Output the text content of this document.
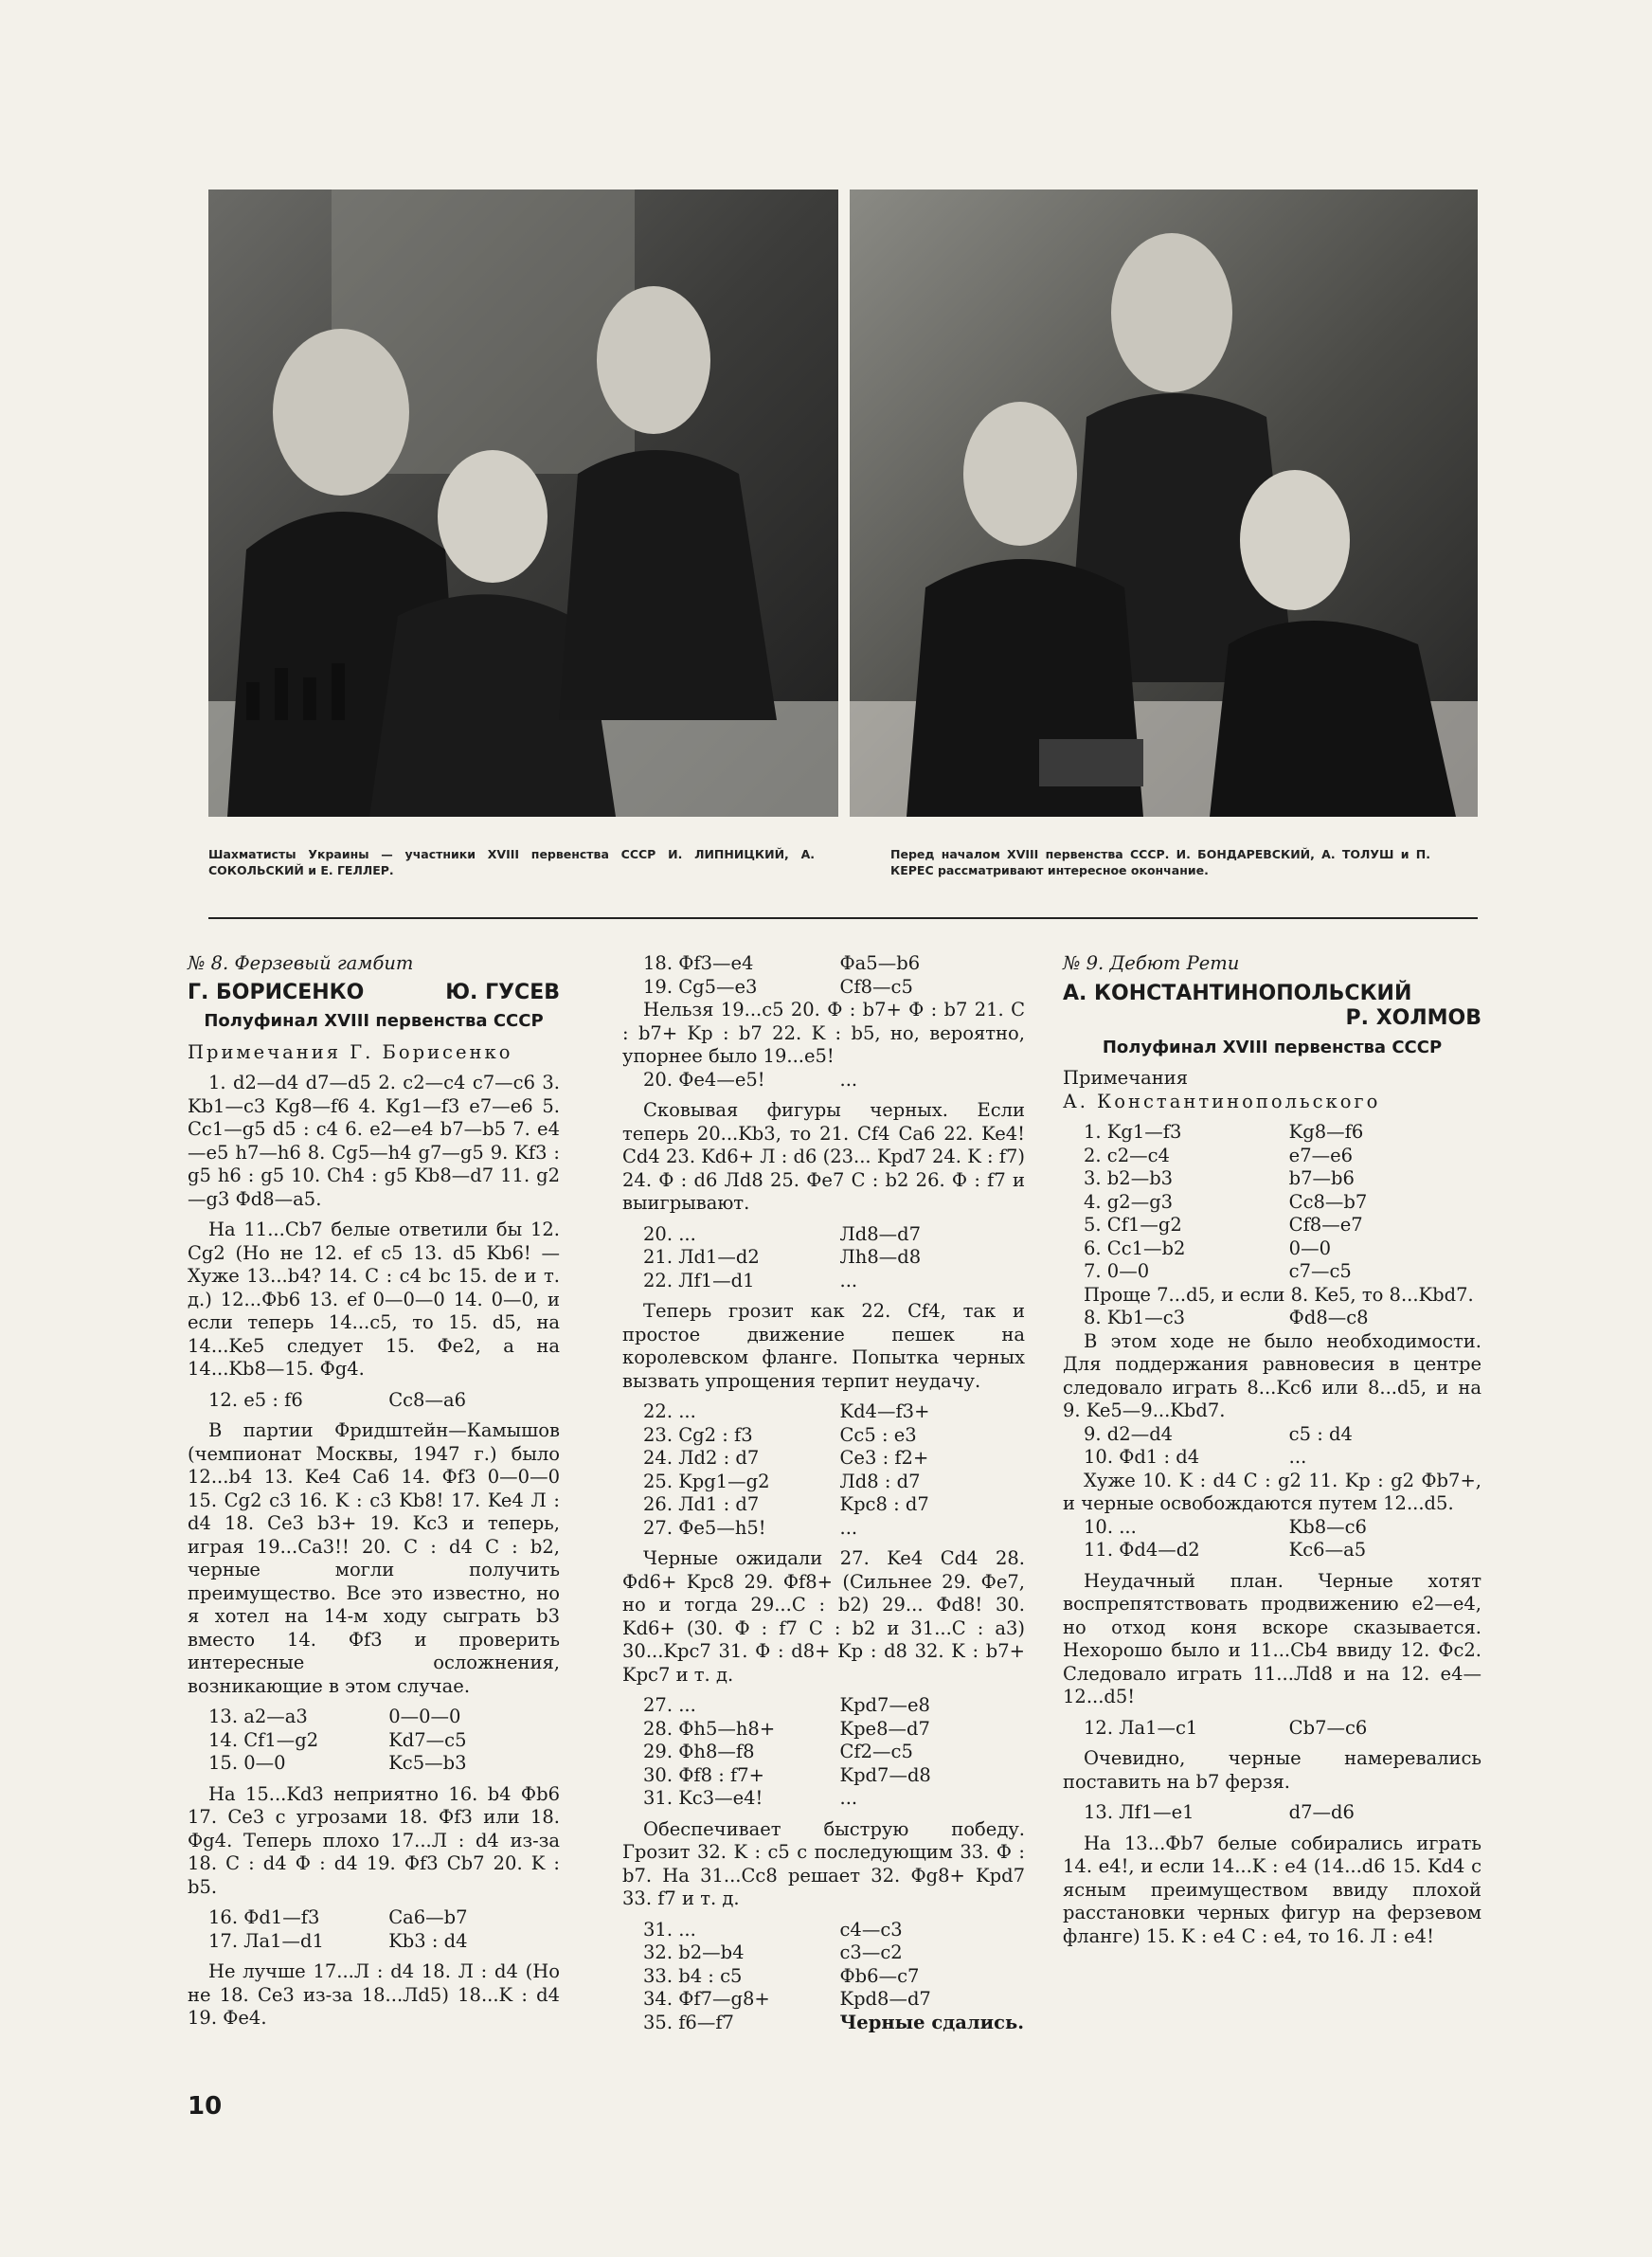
Шахматисты Украины — участники XVIII первенства СССР И. ЛИПНИЦКИЙ, А. СОКОЛЬСКИЙ и Е. ГЕЛЛЕР.
Перед началом XVIII первенства СССР. И. БОНДАРЕВСКИЙ, А. ТОЛУШ и П. КЕРЕС рассматривают интересное окончание.

№ 8. Ферзевый гамбит

Г. БОРИСЕНКО	Ю. ГУСЕВ
Полуфинал XVIII первенства СССР

Примечания Г. Борисенко

1. d2—d4 d7—d5 2. c2—c4 c7—c6 3. Kb1—c3 Kg8—f6 4. Kg1—f3 e7—e6 5. Cc1—g5 d5 : c4 6. e2—e4 b7—b5 7. e4—e5 h7—h6 8. Cg5—h4 g7—g5 9. Kf3 : g5 h6 : g5 10. Ch4 : g5 Kb8—d7 11. g2—g3 Фd8—a5.

На 11...Cb7 белые ответили бы 12. Cg2 (Но не 12. ef c5 13. d5 Kb6! — Хуже 13...b4? 14. C : c4 bc 15. de и т. д.) 12...Фb6 13. ef 0—0—0 14. 0—0, и если теперь 14...c5, то 15. d5, на 14...Ke5 следует 15. Фe2, а на 14...Kb8—15. Фg4.

12. e5 : f6	Cc8—a6

В партии Фридштейн—Камышов (чемпионат Москвы, 1947 г.) было 12...b4 13. Ke4 Ca6 14. Фf3 0—0—0 15. Cg2 c3 16. K : c3 Kb8! 17. Ke4 Л : d4 18. Ce3 b3+ 19. Kc3 и теперь, играя 19...Ca3!! 20. C : d4 C : b2, черные могли получить преимущество. Все это известно, но я хотел на 14-м ходу сыграть b3 вместо 14. Фf3 и проверить интересные осложнения, возникающие в этом случае.

13. a2—a3	0—0—0
14. Cf1—g2	Kd7—c5
15. 0—0	Kc5—b3

На 15...Kd3 неприятно 16. b4 Фb6 17. Ce3 с угрозами 18. Фf3 или 18. Фg4. Теперь плохо 17...Л : d4 из-за 18. C : d4 Ф : d4 19. Фf3 Cb7 20. K : b5.

16. Фd1—f3	Ca6—b7
17. Лa1—d1	Kb3 : d4

Не лучше 17...Л : d4 18. Л : d4 (Но не 18. Ce3 из-за 18...Лd5) 18...K : d4 19. Фe4.

18. Фf3—e4	Фa5—b6
19. Cg5—e3	Cf8—c5

Нельзя 19...c5 20. Ф : b7+ Ф : b7 21. C : b7+ Kp : b7 22. K : b5, но, вероятно, упорнее было 19...e5!

20. Фe4—e5!	...

Сковывая фигуры черных. Если теперь 20...Kb3, то 21. Cf4 Ca6 22. Ke4! Cd4 23. Kd6+ Л : d6 (23... Kpd7 24. K : f7) 24. Ф : d6 Лd8 25. Фe7 C : b2 26. Ф : f7 и выигрывают.

20. ...	Лd8—d7
21. Лd1—d2	Лh8—d8
22. Лf1—d1	...

Теперь грозит как 22. Cf4, так и простое движение пешек на королевском фланге. Попытка черных вызвать упрощения терпит неудачу.

22. ...	Kd4—f3+
23. Cg2 : f3	Cc5 : e3
24. Лd2 : d7	Ce3 : f2+
25. Kpg1—g2	Лd8 : d7
26. Лd1 : d7	Kpc8 : d7
27. Фe5—h5!	...

Черные ожидали 27. Ke4 Cd4 28. Фd6+ Kpc8 29. Фf8+ (Сильнее 29. Фe7, но и тогда 29...C : b2) 29... Фd8! 30. Kd6+ (30. Ф : f7 C : b2 и 31...C : a3) 30...Kpc7 31. Ф : d8+ Kp : d8 32. K : b7+ Kpc7 и т. д.

27. ...	Kpd7—e8
28. Фh5—h8+	Kpe8—d7
29. Фh8—f8	Cf2—c5
30. Фf8 : f7+	Kpd7—d8
31. Kc3—e4!	...

Обеспечивает быструю победу. Грозит 32. K : c5 с последующим 33. Ф : b7. На 31...Cc8 решает 32. Фg8+ Kpd7 33. f7 и т. д.

31. ...	c4—c3
32. b2—b4	c3—c2
33. b4 : c5	Фb6—c7
34. Фf7—g8+	Kpd8—d7
35. f6—f7	Черные сдались.

№ 9. Дебют Рети

А. КОНСТАНТИНОПОЛЬСКИЙ
Р. ХОЛМОВ
Полуфинал XVIII первенства СССР

Примечания

А. Константинопольского

1. Kg1—f3	Kg8—f6
2. c2—c4	e7—e6
3. b2—b3	b7—b6
4. g2—g3	Cc8—b7
5. Cf1—g2	Cf8—e7
6. Cc1—b2	0—0
7. 0—0	c7—c5

Проще 7...d5, и если 8. Ke5, то 8...Kbd7.

8. Kb1—c3	Фd8—c8

В этом ходе не было необходимости. Для поддержания равновесия в центре следовало играть 8...Kc6 или 8...d5, и на 9. Ke5—9...Kbd7.

9. d2—d4	c5 : d4
10. Фd1 : d4	...

Хуже 10. K : d4 C : g2 11. Kp : g2 Фb7+, и черные освобождаются путем 12...d5.

10. ...	Kb8—c6
11. Фd4—d2	Kc6—a5

Неудачный план. Черные хотят воспрепятствовать продвижению e2—e4, но отход коня вскоре сказывается. Нехорошо было и 11...Cb4 ввиду 12. Фc2. Следовало играть 11...Лd8 и на 12. e4—12...d5!

12. Лa1—c1	Cb7—c6

Очевидно, черные намеревались поставить на b7 ферзя.

13. Лf1—e1	d7—d6

На 13...Фb7 белые собирались играть 14. e4!, и если 14...K : e4 (14...d6 15. Kd4 с ясным преимуществом ввиду плохой расстановки черных фигур на ферзевом фланге) 15. K : e4 C : e4, то 16. Л : e4!

10
